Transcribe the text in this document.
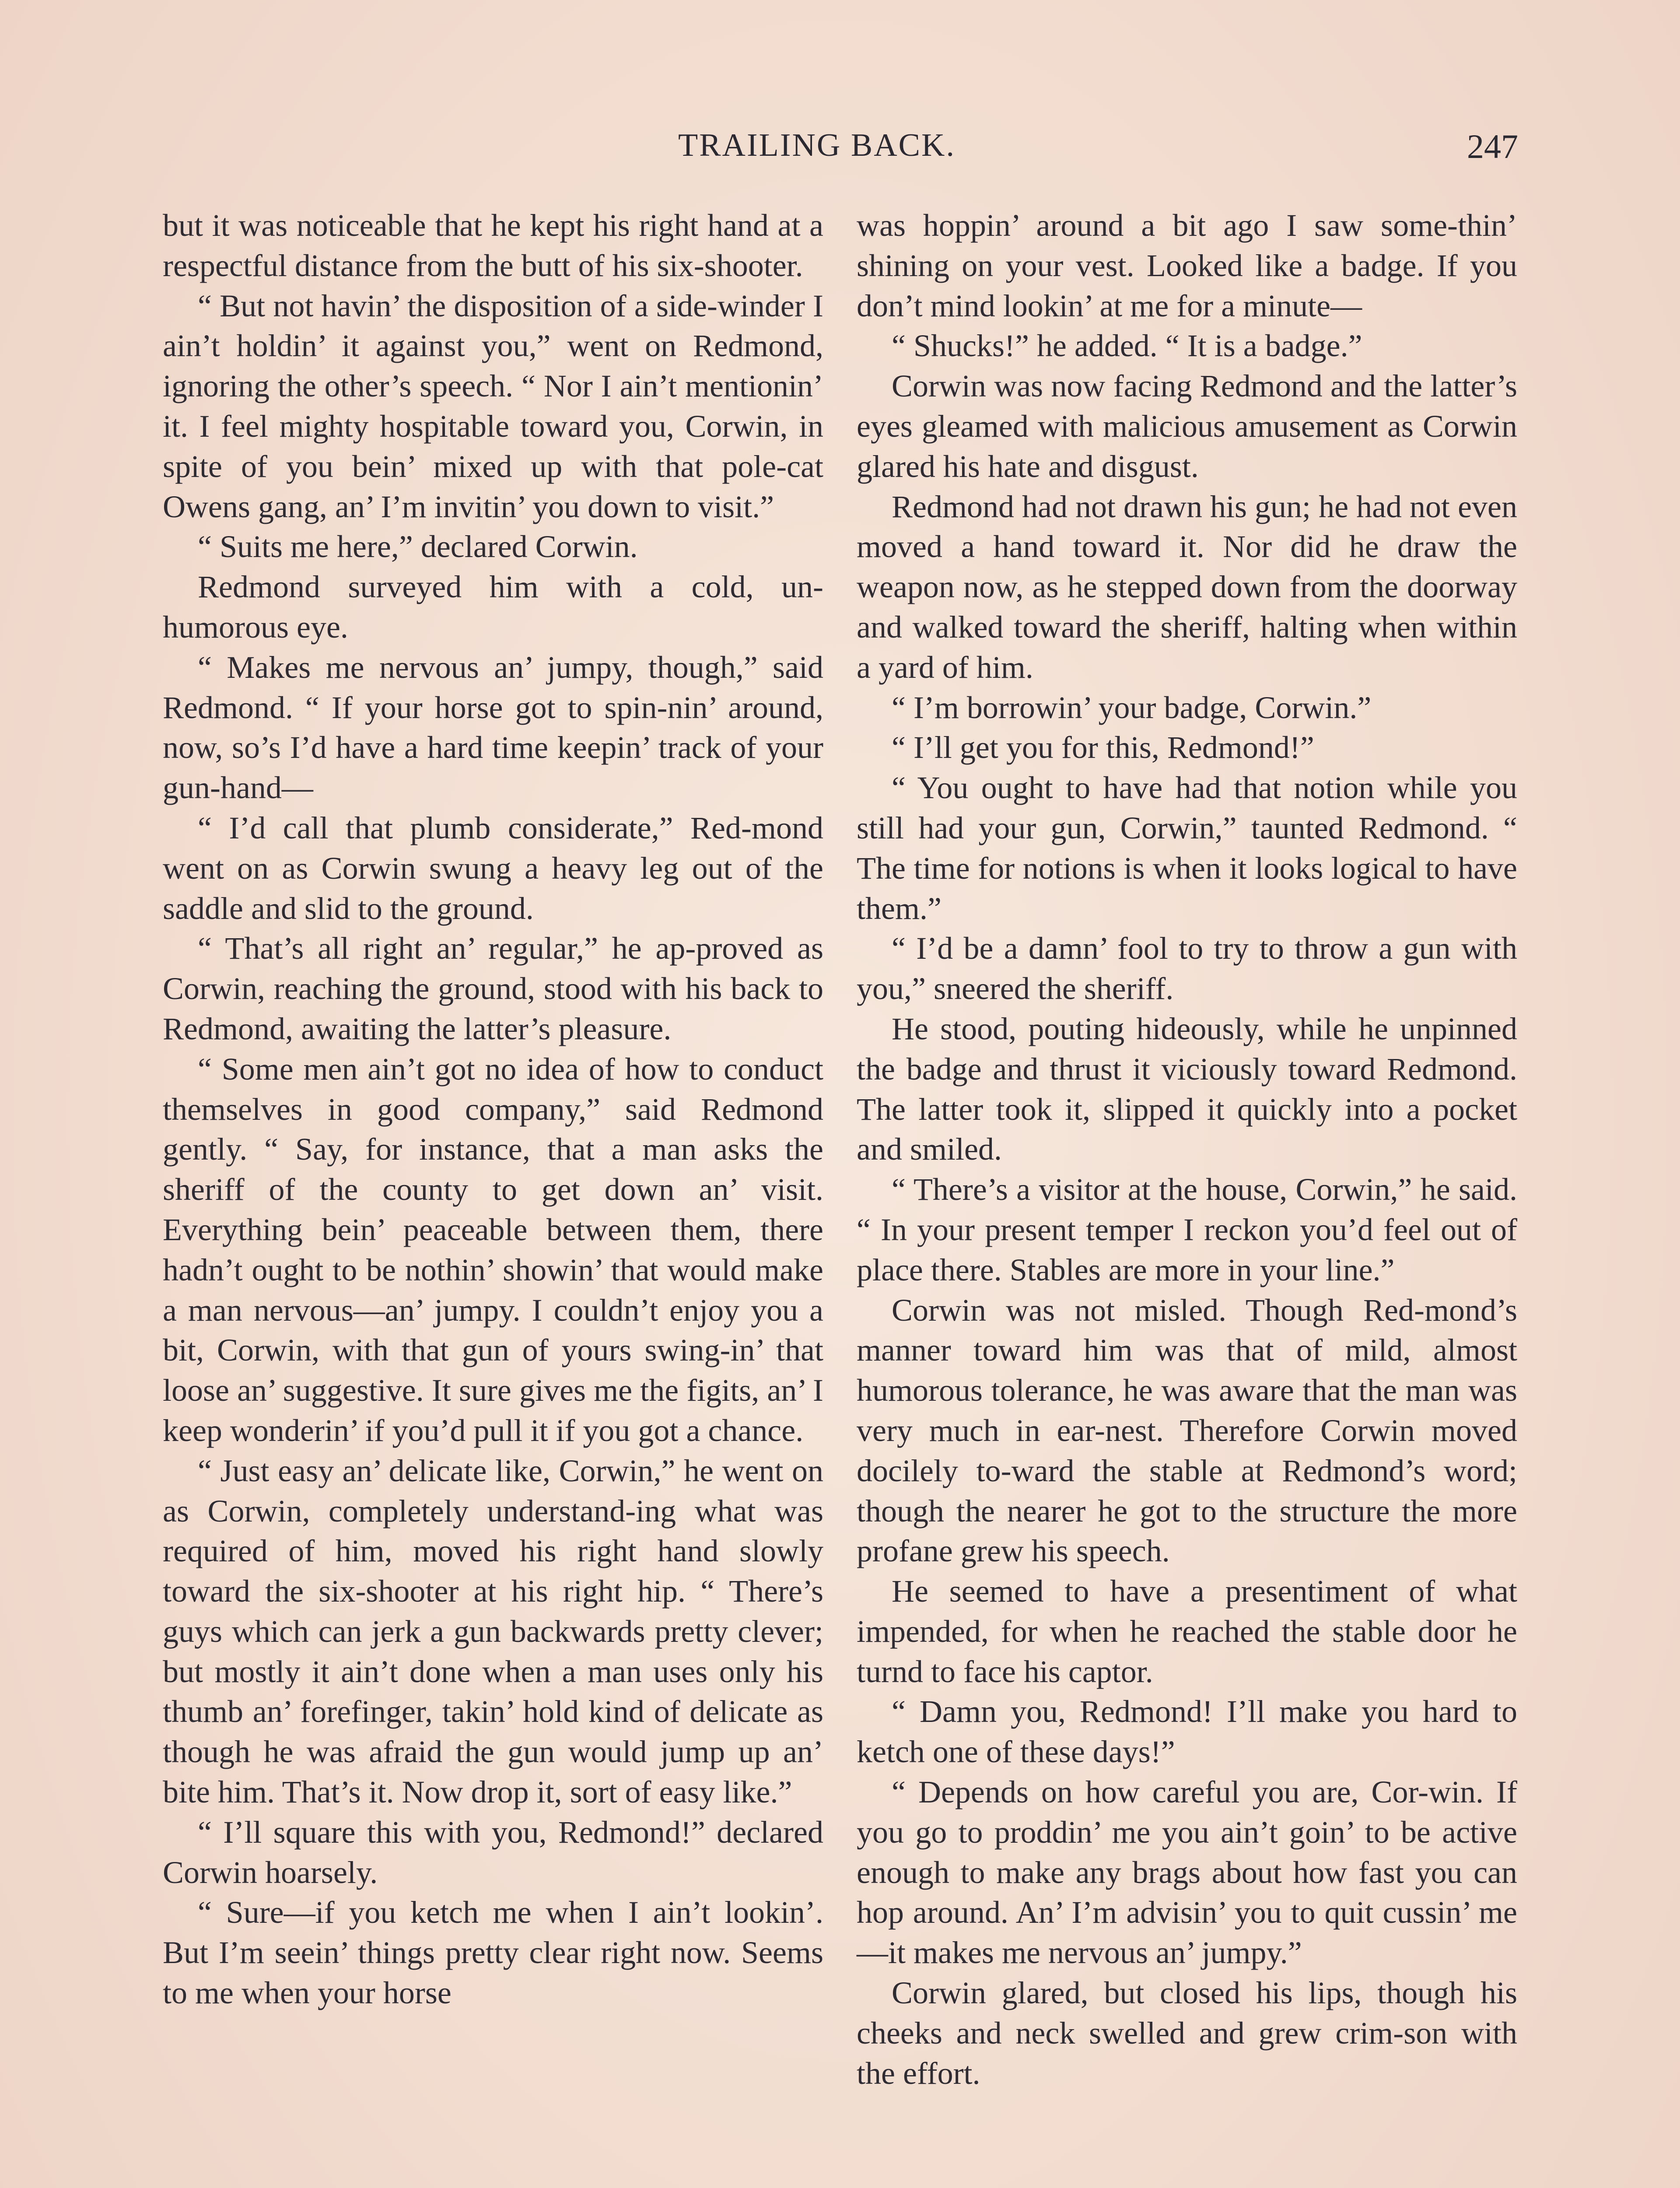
TRAILING BACK.	247

but it was noticeable that he kept his right hand at a respectful distance from the butt of his six-shooter.

“ But not havin’ the disposition of a side-winder I ain’t holdin’ it against you,” went on Redmond, ignoring the other’s speech. “ Nor I ain’t mentionin’ it. I feel mighty hospitable toward you, Corwin, in spite of you bein’ mixed up with that pole-cat Owens gang, an’ I’m invitin’ you down to visit.”

“ Suits me here,” declared Corwin.

Redmond surveyed him with a cold, un-humorous eye.

“ Makes me nervous an’ jumpy, though,” said Redmond. “ If your horse got to spin-nin’ around, now, so’s I’d have a hard time keepin’ track of your gun-hand—

“ I’d call that plumb considerate,” Red-mond went on as Corwin swung a heavy leg out of the saddle and slid to the ground.

“ That’s all right an’ regular,” he ap-proved as Corwin, reaching the ground, stood with his back to Redmond, awaiting the latter’s pleasure.

“ Some men ain’t got no idea of how to conduct themselves in good company,” said Redmond gently. “ Say, for instance, that a man asks the sheriff of the county to get down an’ visit. Everything bein’ peaceable between them, there hadn’t ought to be nothin’ showin’ that would make a man nervous—an’ jumpy. I couldn’t enjoy you a bit, Corwin, with that gun of yours swing-in’ that loose an’ suggestive. It sure gives me the figits, an’ I keep wonderin’ if you’d pull it if you got a chance.

“ Just easy an’ delicate like, Corwin,” he went on as Corwin, completely understand-ing what was required of him, moved his right hand slowly toward the six-shooter at his right hip. “ There’s guys which can jerk a gun backwards pretty clever; but mostly it ain’t done when a man uses only his thumb an’ forefinger, takin’ hold kind of delicate as though he was afraid the gun would jump up an’ bite him. That’s it. Now drop it, sort of easy like.”

“ I’ll square this with you, Redmond!” declared Corwin hoarsely.

“ Sure—if you ketch me when I ain’t lookin’. But I’m seein’ things pretty clear right now. Seems to me when your horse

was hoppin’ around a bit ago I saw some-thin’ shining on your vest. Looked like a badge. If you don’t mind lookin’ at me for a minute—

“ Shucks!” he added. “ It is a badge.”

Corwin was now facing Redmond and the latter’s eyes gleamed with malicious amusement as Corwin glared his hate and disgust.

Redmond had not drawn his gun; he had not even moved a hand toward it. Nor did he draw the weapon now, as he stepped down from the doorway and walked toward the sheriff, halting when within a yard of him.

“ I’m borrowin’ your badge, Corwin.”

“ I’ll get you for this, Redmond!”

“ You ought to have had that notion while you still had your gun, Corwin,” taunted Redmond. “ The time for notions is when it looks logical to have them.”

“ I’d be a damn’ fool to try to throw a gun with you,” sneered the sheriff.

He stood, pouting hideously, while he unpinned the badge and thrust it viciously toward Redmond. The latter took it, slipped it quickly into a pocket and smiled.

“ There’s a visitor at the house, Corwin,” he said. “ In your present temper I reckon you’d feel out of place there. Stables are more in your line.”

Corwin was not misled. Though Red-mond’s manner toward him was that of mild, almost humorous tolerance, he was aware that the man was very much in ear-nest. Therefore Corwin moved docilely to-ward the stable at Redmond’s word; though the nearer he got to the structure the more profane grew his speech.

He seemed to have a presentiment of what impended, for when he reached the stable door he turnd to face his captor.

“ Damn you, Redmond! I’ll make you hard to ketch one of these days!”

“ Depends on how careful you are, Cor-win. If you go to proddin’ me you ain’t goin’ to be active enough to make any brags about how fast you can hop around. An’ I’m advisin’ you to quit cussin’ me—it makes me nervous an’ jumpy.”

Corwin glared, but closed his lips, though his cheeks and neck swelled and grew crim-son with the effort.
